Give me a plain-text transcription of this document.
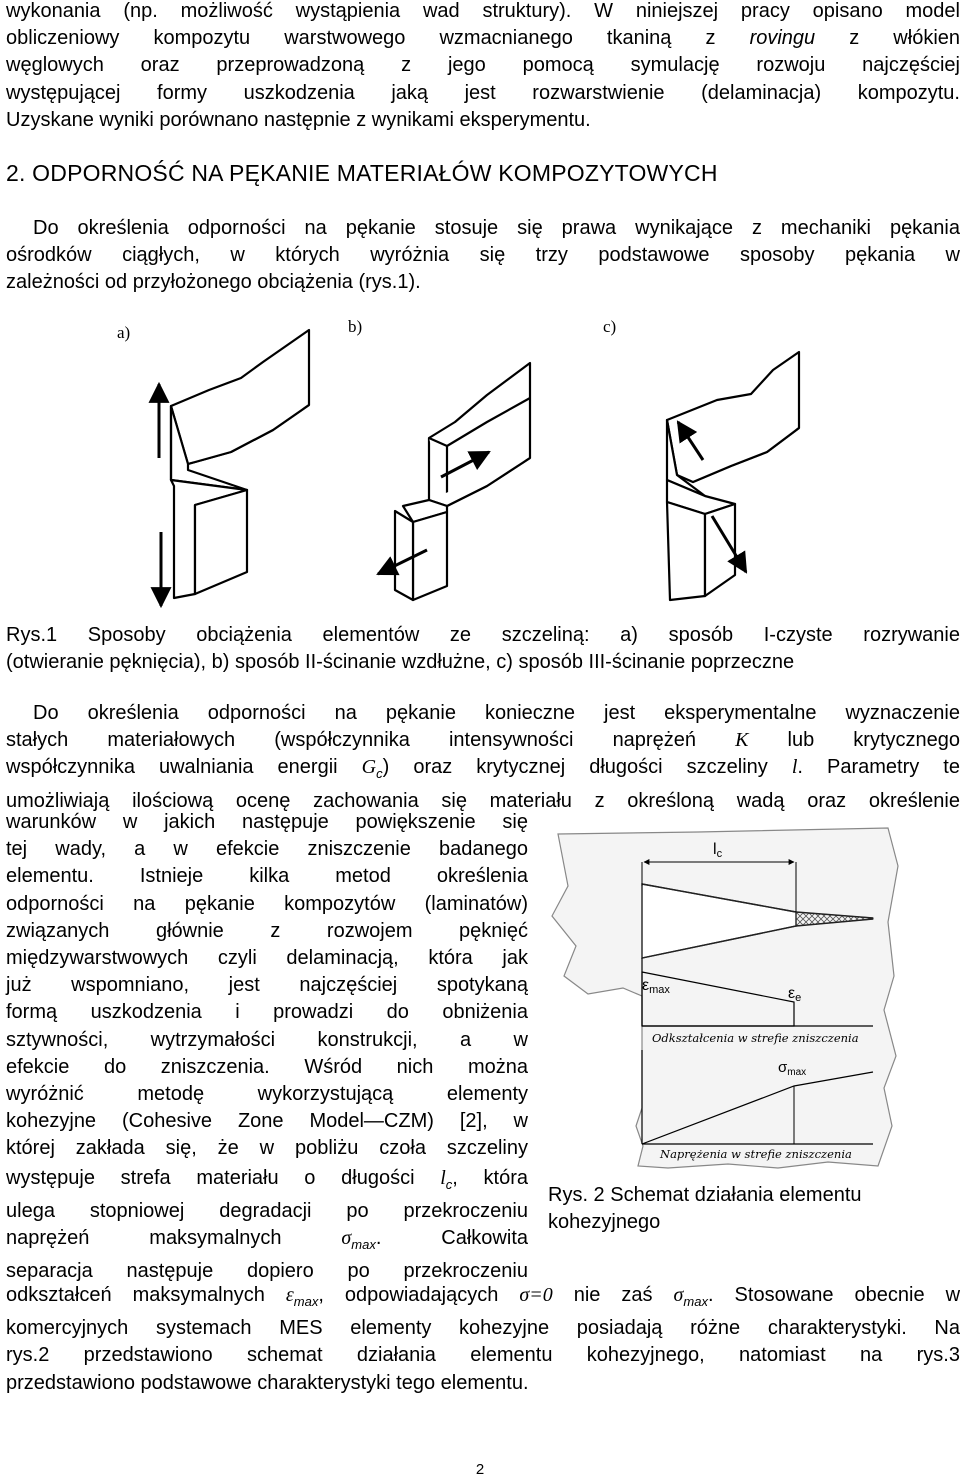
wykonania (np. możliwość wystąpienia wad struktury). W niniejszej pracy opisano model
obliczeniowy kompozytu warstwowego wzmacnianego tkaniną z rovingu z włókien
węglowych oraz przeprowadzoną z jego pomocą symulację rozwoju najczęściej
występującej formy uszkodzenia jaką jest rozwarstwienie (delaminacja) kompozytu.
Uzyskane wyniki porównano następnie z wynikami eksperymentu.
2. ODPORNOŚĆ NA PĘKANIE MATERIAŁÓW KOMPOZYTOWYCH
Do określenia odporności na pękanie stosuje się prawa wynikające z mechaniki pękania
ośrodków ciągłych, w których wyróżnia się trzy podstawowe sposoby pękania w
zależności od przyłożonego obciążenia (rys.1).
a)	b)	c)
Rys.1 Sposoby obciążenia elementów ze szczeliną: a) sposób I-czyste rozrywanie
(otwieranie pęknięcia), b) sposób II-ścinanie wzdłużne, c) sposób III-ścinanie poprzeczne
Do określenia odporności na pękanie konieczne jest eksperymentalne wyznaczenie
stałych materiałowych (współczynnika intensywności naprężeń K lub krytycznego
współczynnika uwalniania energii $G_c$) oraz krytycznej długości szczeliny l. Parametry te
umożliwiają ilościową ocenę zachowania się materiału z określoną wadą oraz określenie
warunków w jakich następuje powiększenie się
tej wady, a w efekcie zniszczenie badanego
elementu. Istnieje kilka metod określenia
odporności na pękanie kompozytów (laminatów)
związanych głównie z rozwojem pęknięć
międzywarstwowych czyli delaminacją, która jak
już wspomniano, jest najczęściej spotykaną
formą uszkodzenia i prowadzi do obniżenia
sztywności, wytrzymałości konstrukcji, a w
efekcie do zniszczenia. Wśród nich można
wyróżnić metodę wykorzystującą elementy
kohezyjne (Cohesive Zone Model—CZM) [2], w
której zakłada się, że w pobliżu czoła szczeliny
występuje strefa materiału o długości $l_c$, która
ulega stopniowej degradacji po przekroczeniu
naprężeń maksymalnych $\sigma_{max}$. Całkowita
separacja następuje dopiero po przekroczeniu
lc
εmax	εe
Odkształcenia w strefie zniszczenia
$\sigma_{max}$
Naprężenia w strefie zniszczenia
Rys. 2 Schemat działania elementu
kohezyjnego
odkształceń maksymalnych $\varepsilon_{max}$, odpowiadających σ=0 nie zaś $\sigma_{max}$. Stosowane obecnie w
komercyjnych systemach MES elementy kohezyjne posiadają różne charakterystyki. Na
rys.2 przedstawiono schemat działania elementu kohezyjnego, natomiast na rys.3
przedstawiono podstawowe charakterystyki tego elementu.
2
